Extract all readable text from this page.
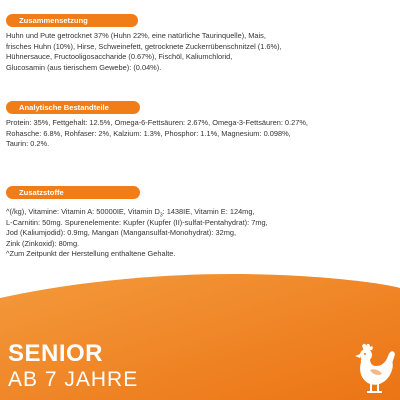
Zusammensetzung
Huhn und Pute getrocknet 37% (Huhn 22%, eine natürliche Taurinquelle), Mais,
frisches Huhn (10%), Hirse, Schweinefett, getrocknete Zuckerrübenschnitzel (1.6%),
Hühnersauce, Fructooligosaccharide (0.67%), Fischöl, Kaliumchlorid,
Glucosamin (aus tierischem Gewebe): (0.04%).
Analytische Bestandteile
Protein: 35%, Fettgehalt: 12.5%, Omega-6-Fettsäuren: 2.67%, Omega-3-Fettsäuren: 0.27%,
Rohasche: 6.8%, Rohfaser: 2%, Kalzium: 1.3%, Phosphor: 1.1%, Magnesium: 0.098%,
Taurin: 0.2%.
Zusatzstoffe
^(/kg), Vitamine: Vitamin A: 50000IE, Vitamin $D_3$: 1438IE, Vitamin E: 124mg,
L-Carnitin: 50mg. Spurenelemente: Kupfer (Kupfer (II)-sulfat-Pentahydrat): 7mg,
Jod (Kaliumjodid): 0.9mg, Mangan (Mangansulfat-Monohydrat): 32mg,
Zink (Zinkoxid): 80mg.
^Zum Zeitpunkt der Herstellung enthaltene Gehalte.
SENIOR
AB 7 JAHRE
